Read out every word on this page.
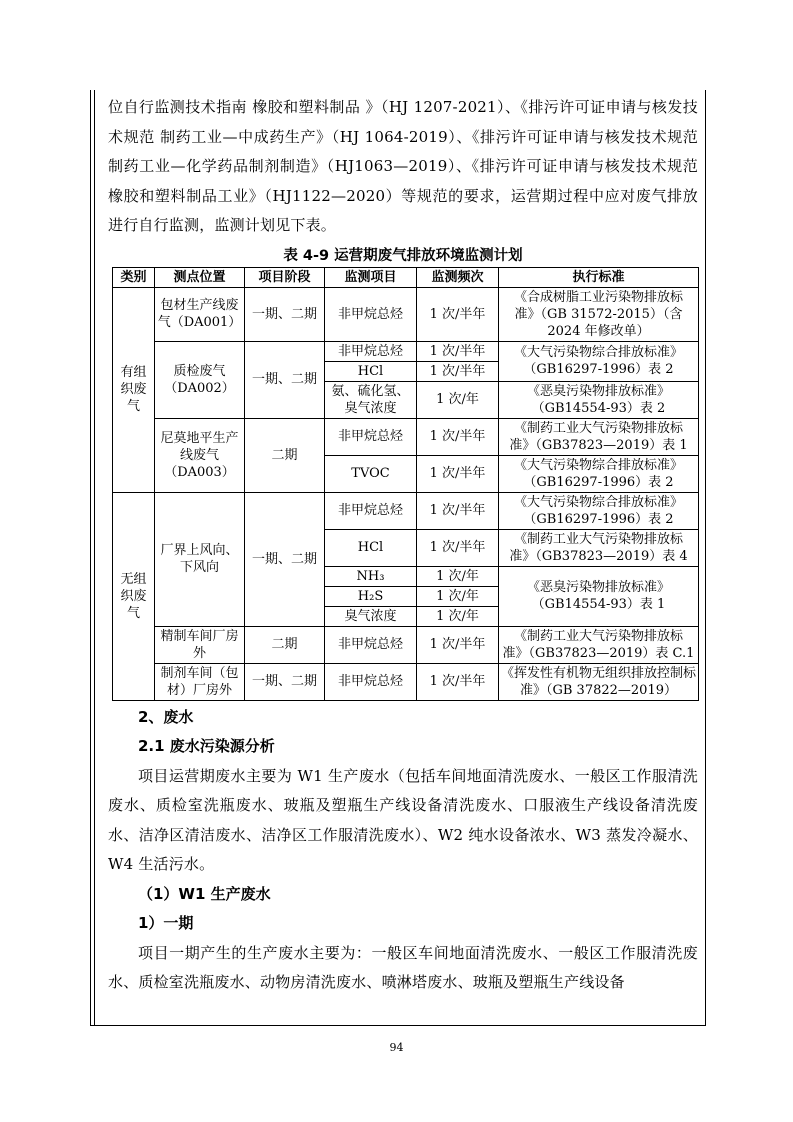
位自行监测技术指南 橡胶和塑料制品 》（HJ 1207-2021）、《排污许可证申请与核发技术规范 制药工业—中成药生产》（HJ 1064-2019）、《排污许可证申请与核发技术规范 制药工业—化学药品制剂制造》（HJ1063—2019）、《排污许可证申请与核发技术规范 橡胶和塑料制品工业》（HJ1122—2020）等规范的要求，运营期过程中应对废气排放进行自行监测，监测计划见下表。

表 4-9 运营期废气排放环境监测计划
类别	测点位置	项目阶段	监测项目	监测频次	执行标准
有组织废气	包材生产线废气（DA001）	一期、二期	非甲烷总烃	1 次/半年	《合成树脂工业污染物排放标准》（GB 31572-2015）（含 2024 年修改单）
	质检废气（DA002）	一期、二期	非甲烷总烃	1 次/半年	《大气污染物综合排放标准》（GB16297-1996）表 2
			HCl	1 次/半年	
			氨、硫化氢、臭气浓度	1 次/年	《恶臭污染物排放标准》（GB14554-93）表 2
	尼莫地平生产线废气（DA003）	二期	非甲烷总烃	1 次/半年	《制药工业大气污染物排放标准》（GB37823—2019）表 1
			TVOC	1 次/半年	《大气污染物综合排放标准》（GB16297-1996）表 2
无组织废气	厂界上风向、下风向	一期、二期	非甲烷总烃	1 次/半年	《大气污染物综合排放标准》（GB16297-1996）表 2
			HCl	1 次/半年	《制药工业大气污染物排放标准》（GB37823—2019）表 4
			NH₃	1 次/年	《恶臭污染物排放标准》（GB14554-93）表 1
			H₂S	1 次/年	
			臭气浓度	1 次/年	
	精制车间厂房外	二期	非甲烷总烃	1 次/半年	《制药工业大气污染物排放标准》（GB37823—2019）表 C.1
	制剂车间（包材）厂房外	一期、二期	非甲烷总烃	1 次/半年	《挥发性有机物无组织排放控制标准》（GB 37822—2019）

2、废水

2.1 废水污染源分析

项目运营期废水主要为 W1 生产废水（包括车间地面清洗废水、一般区工作服清洗废水、质检室洗瓶废水、玻瓶及塑瓶生产线设备清洗废水、口服液生产线设备清洗废水、洁净区清洁废水、洁净区工作服清洗废水）、W2 纯水设备浓水、W3 蒸发冷凝水、W4 生活污水。

（1）W1 生产废水

1）一期

项目一期产生的生产废水主要为：一般区车间地面清洗废水、一般区工作服清洗废水、质检室洗瓶废水、动物房清洗废水、喷淋塔废水、玻瓶及塑瓶生产线设备

94
